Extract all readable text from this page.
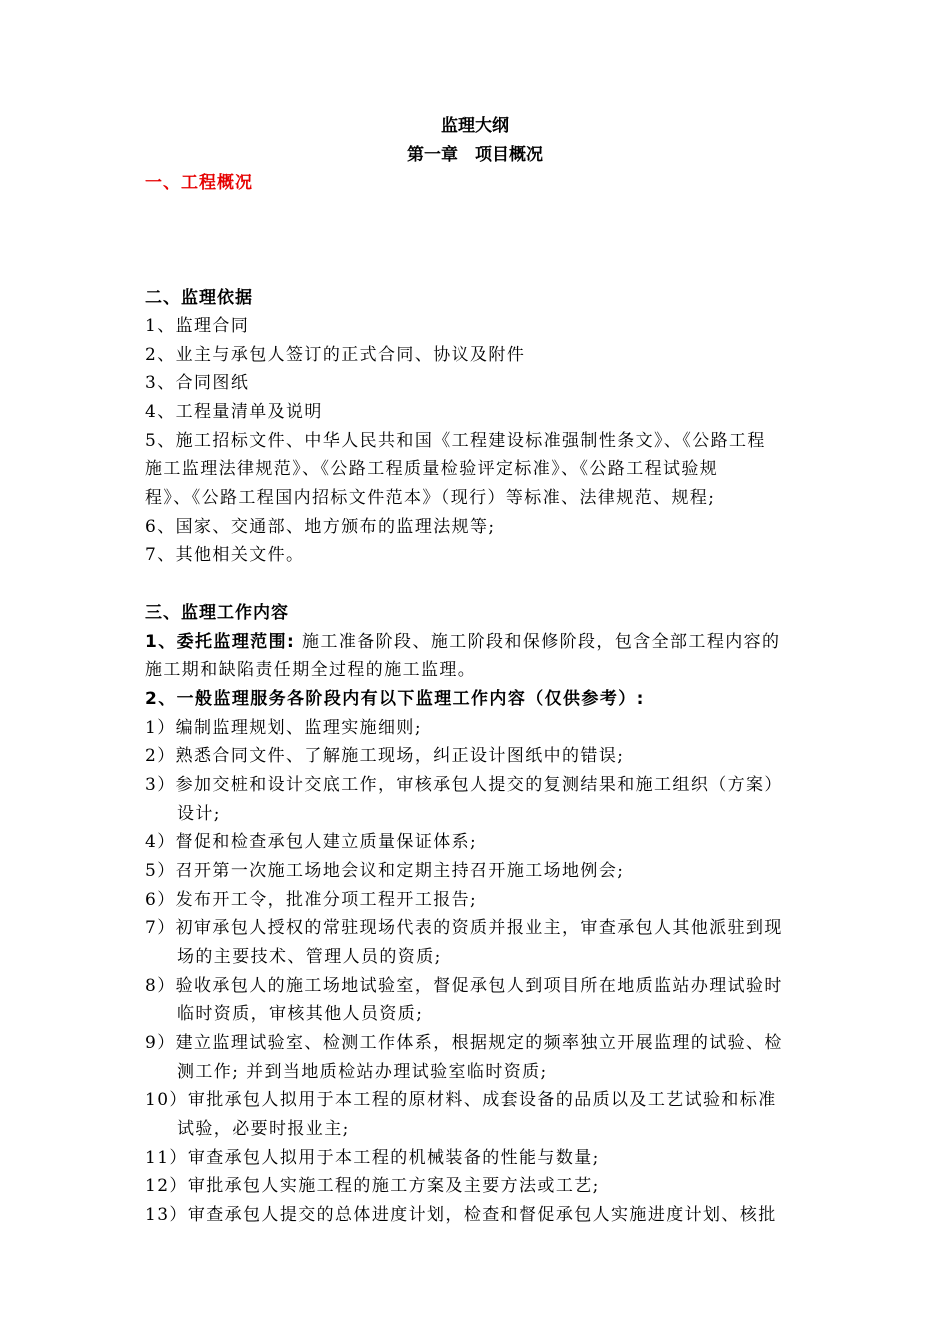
监理大纲
第一章　项目概况
一、工程概况
二、监理依据
1、监理合同
2、业主与承包人签订的正式合同、协议及附件
3、合同图纸
4、工程量清单及说明
5、施工招标文件、中华人民共和国《工程建设标准强制性条文》、《公路工程
施工监理法律规范》、《公路工程质量检验评定标准》、《公路工程试验规
程》、《公路工程国内招标文件范本》（现行）等标准、法律规范、规程;
6、国家、交通部、地方颁布的监理法规等;
7、其他相关文件。
三、监理工作内容
1、委托监理范围: 施工准备阶段、施工阶段和保修阶段，包含全部工程内容的
施工期和缺陷责任期全过程的施工监理。
2、一般监理服务各阶段内有以下监理工作内容（仅供参考）:
1）编制监理规划、监理实施细则;
2）熟悉合同文件、了解施工现场，纠正设计图纸中的错误;
3）参加交桩和设计交底工作，审核承包人提交的复测结果和施工组织（方案）
设计;
4）督促和检查承包人建立质量保证体系;
5）召开第一次施工场地会议和定期主持召开施工场地例会;
6）发布开工令，批准分项工程开工报告;
7）初审承包人授权的常驻现场代表的资质并报业主，审查承包人其他派驻到现
场的主要技术、管理人员的资质;
8）验收承包人的施工场地试验室，督促承包人到项目所在地质监站办理试验时
临时资质，审核其他人员资质;
9）建立监理试验室、检测工作体系，根据规定的频率独立开展监理的试验、检
测工作; 并到当地质检站办理试验室临时资质;
10）审批承包人拟用于本工程的原材料、成套设备的品质以及工艺试验和标准
试验，必要时报业主;
11）审查承包人拟用于本工程的机械装备的性能与数量;
12）审批承包人实施工程的施工方案及主要方法或工艺;
13）审查承包人提交的总体进度计划，检查和督促承包人实施进度计划、核批
